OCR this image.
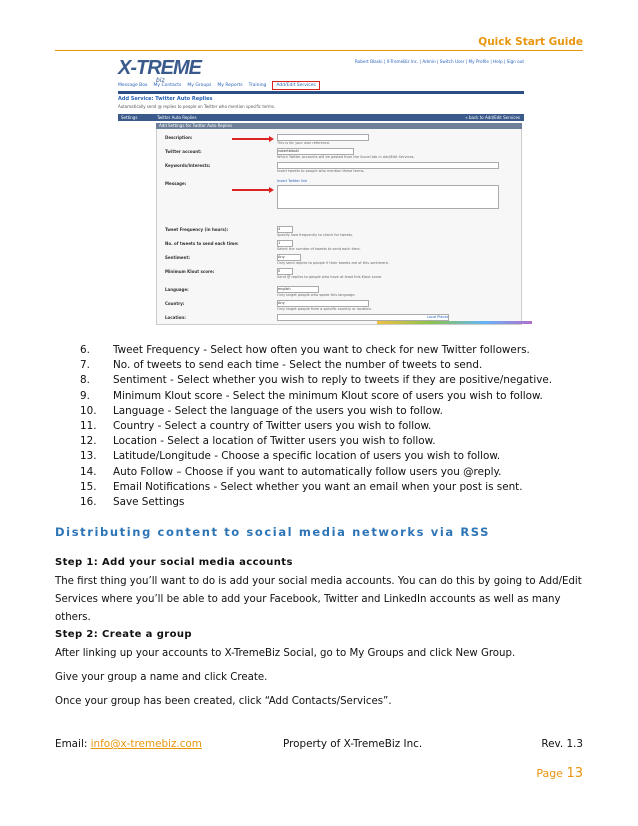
Quick Start Guide
X-TREME
biz
Robert Blaski | X-TremeBiz Inc. | Admin | Switch User | My Profile | Help | Sign out
Message Box My Contacts My Groups My Reports Training	Add/Edit Services
Add Service: Twitter Auto Replies
Automatically send @ replies to people on Twitter who mention specific terms.
Settings	Twitter Auto Replies	« back to Add/Edit Services
Add Settings for Twitter Auto Replies
Description:
This is for your own reference.
Twitter account:	robertblaski
Which Twitter accounts will be posted from the Social tab in Add/Edit Services.
Keywords/Interests:
Insert tweets to people who mention these terms.
Message:	Insert Twitter link
Tweet Frequency (in hours):	4
Specify how frequently to check for tweets.
No. of tweets to send each time:	1
Select the number of tweets to send each time.
Sentiment:	Any
Only send replies to people if their tweets are of this sentiment.
Minimum Klout score:	0
Send @ replies to people who have at least this Klout score.
Language:	english
Only target people who speak this language.
Country:	Any
Only target people from a specific country or location.
Location:	Local Places
6.	Tweet Frequency - Select how often you want to check for new Twitter followers.
7.	No. of tweets to send each time - Select the number of tweets to send.
8.	Sentiment - Select whether you wish to reply to tweets if they are positive/negative.
9.	Minimum Klout score - Select the minimum Klout score of users you wish to follow.
10.	Language - Select the language of the users you wish to follow.
11.	Country - Select a country of Twitter users you wish to follow.
12.	Location - Select a location of Twitter users you wish to follow.
13.	Latitude/Longitude - Choose a specific location of users you wish to follow.
14.	Auto Follow – Choose if you want to automatically follow users you @reply.
15.	Email Notifications - Select whether you want an email when your post is sent.
16.	Save Settings
Distributing content to social media networks via RSS
Step 1: Add your social media accounts
The first thing you’ll want to do is add your social media accounts. You can do this by going to Add/Edit Services where you’ll be able to add your Facebook, Twitter and LinkedIn accounts as well as many others.
Step 2: Create a group
After linking up your accounts to X-TremeBiz Social, go to My Groups and click New Group.
Give your group a name and click Create.
Once your group has been created, click “Add Contacts/Services”.
Email: info@x-tremebiz.com	Property of X-TremeBiz Inc.	Rev. 1.3
Page 13
